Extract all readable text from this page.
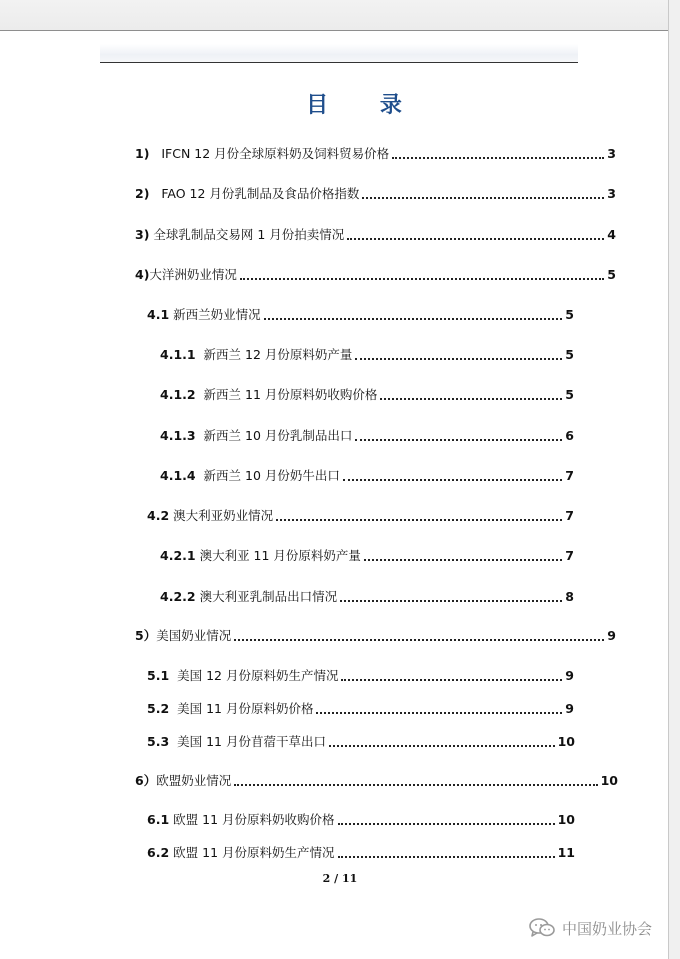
目 录
1) IFCN 12 月份全球原料奶及饲料贸易价格	3
2) FAO 12 月份乳制品及食品价格指数	3
3) 全球乳制品交易网 1 月份拍卖情况	4
4)大洋洲奶业情况	5
4.1 新西兰奶业情况	5
4.1.1 新西兰 12 月份原料奶产量	5
4.1.2 新西兰 11 月份原料奶收购价格	5
4.1.3 新西兰 10 月份乳制品出口	6
4.1.4 新西兰 10 月份奶牛出口	7
4.2 澳大利亚奶业情况	7
4.2.1 澳大利亚 11 月份原料奶产量	7
4.2.2 澳大利亚乳制品出口情况	8
5）美国奶业情况	9
5.1 美国 12 月份原料奶生产情况	9
5.2 美国 11 月份原料奶价格	9
5.3 美国 11 月份苜蓿干草出口	10
6）欧盟奶业情况	10
6.1 欧盟 11 月份原料奶收购价格	10
6.2 欧盟 11 月份原料奶生产情况	11
2 / 11
中国奶业协会
